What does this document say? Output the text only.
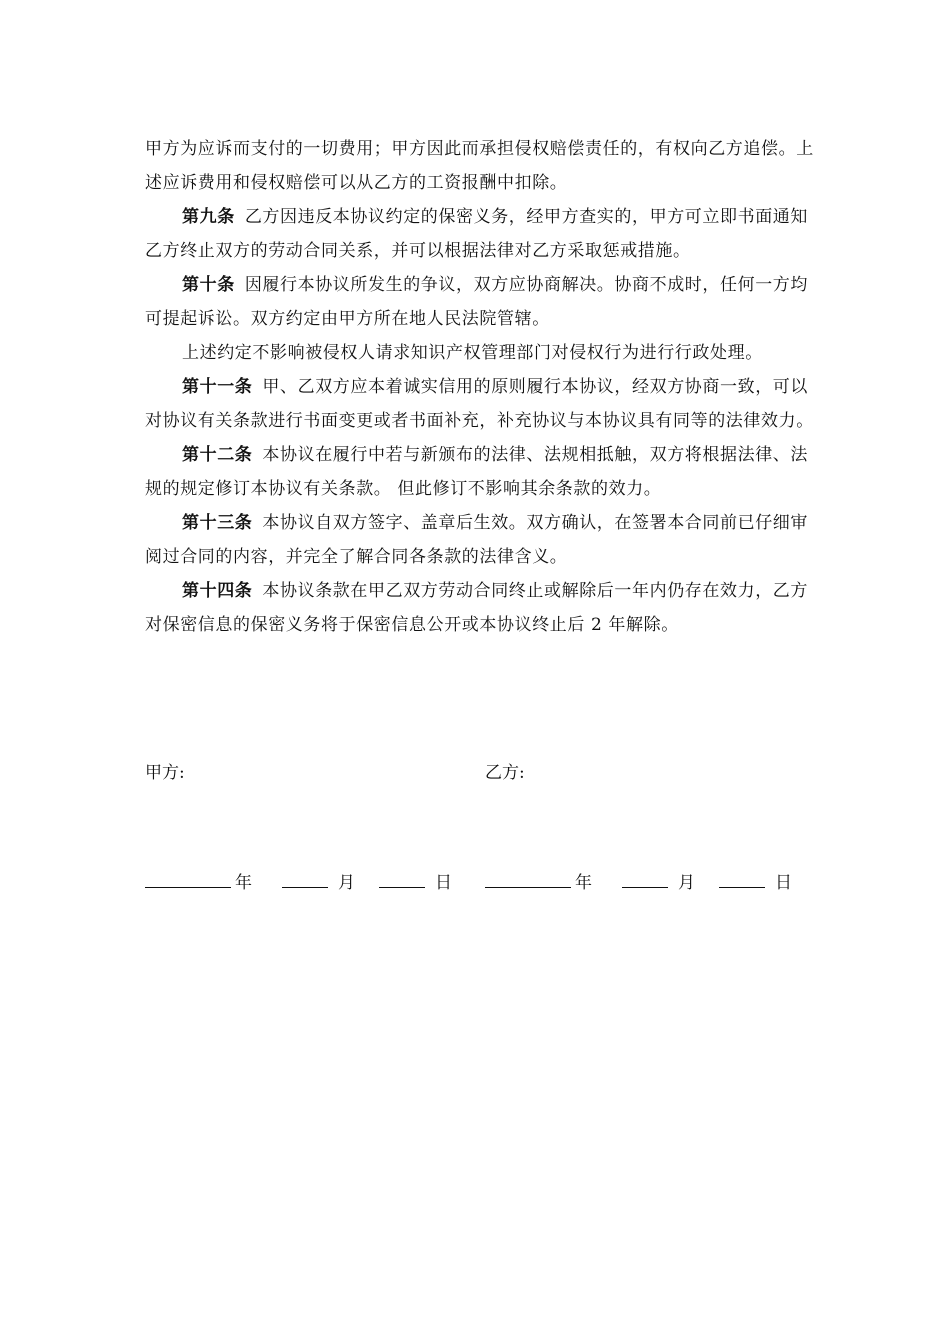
甲方为应诉而支付的一切费用；甲方因此而承担侵权赔偿责任的，有权向乙方追偿。上述应诉费用和侵权赔偿可以从乙方的工资报酬中扣除。

第九条 乙方因违反本协议约定的保密义务，经甲方查实的，甲方可立即书面通知乙方终止双方的劳动合同关系，并可以根据法律对乙方采取惩戒措施。

第十条 因履行本协议所发生的争议，双方应协商解决。协商不成时，任何一方均可提起诉讼。双方约定由甲方所在地人民法院管辖。

上述约定不影响被侵权人请求知识产权管理部门对侵权行为进行行政处理。

第十一条 甲、乙双方应本着诚实信用的原则履行本协议，经双方协商一致，可以对协议有关条款进行书面变更或者书面补充，补充协议与本协议具有同等的法律效力。

第十二条 本协议在履行中若与新颁布的法律、法规相抵触，双方将根据法律、法规的规定修订本协议有关条款。 但此修订不影响其余条款的效力。

第十三条 本协议自双方签字、盖章后生效。双方确认，在签署本合同前已仔细审阅过合同的内容，并完全了解合同各条款的法律含义。

第十四条 本协议条款在甲乙双方劳动合同终止或解除后一年内仍存在效力，乙方对保密信息的保密义务将于保密信息公开或本协议终止后 2 年解除。

甲方:	乙方:
年	月	日	年	月	日
